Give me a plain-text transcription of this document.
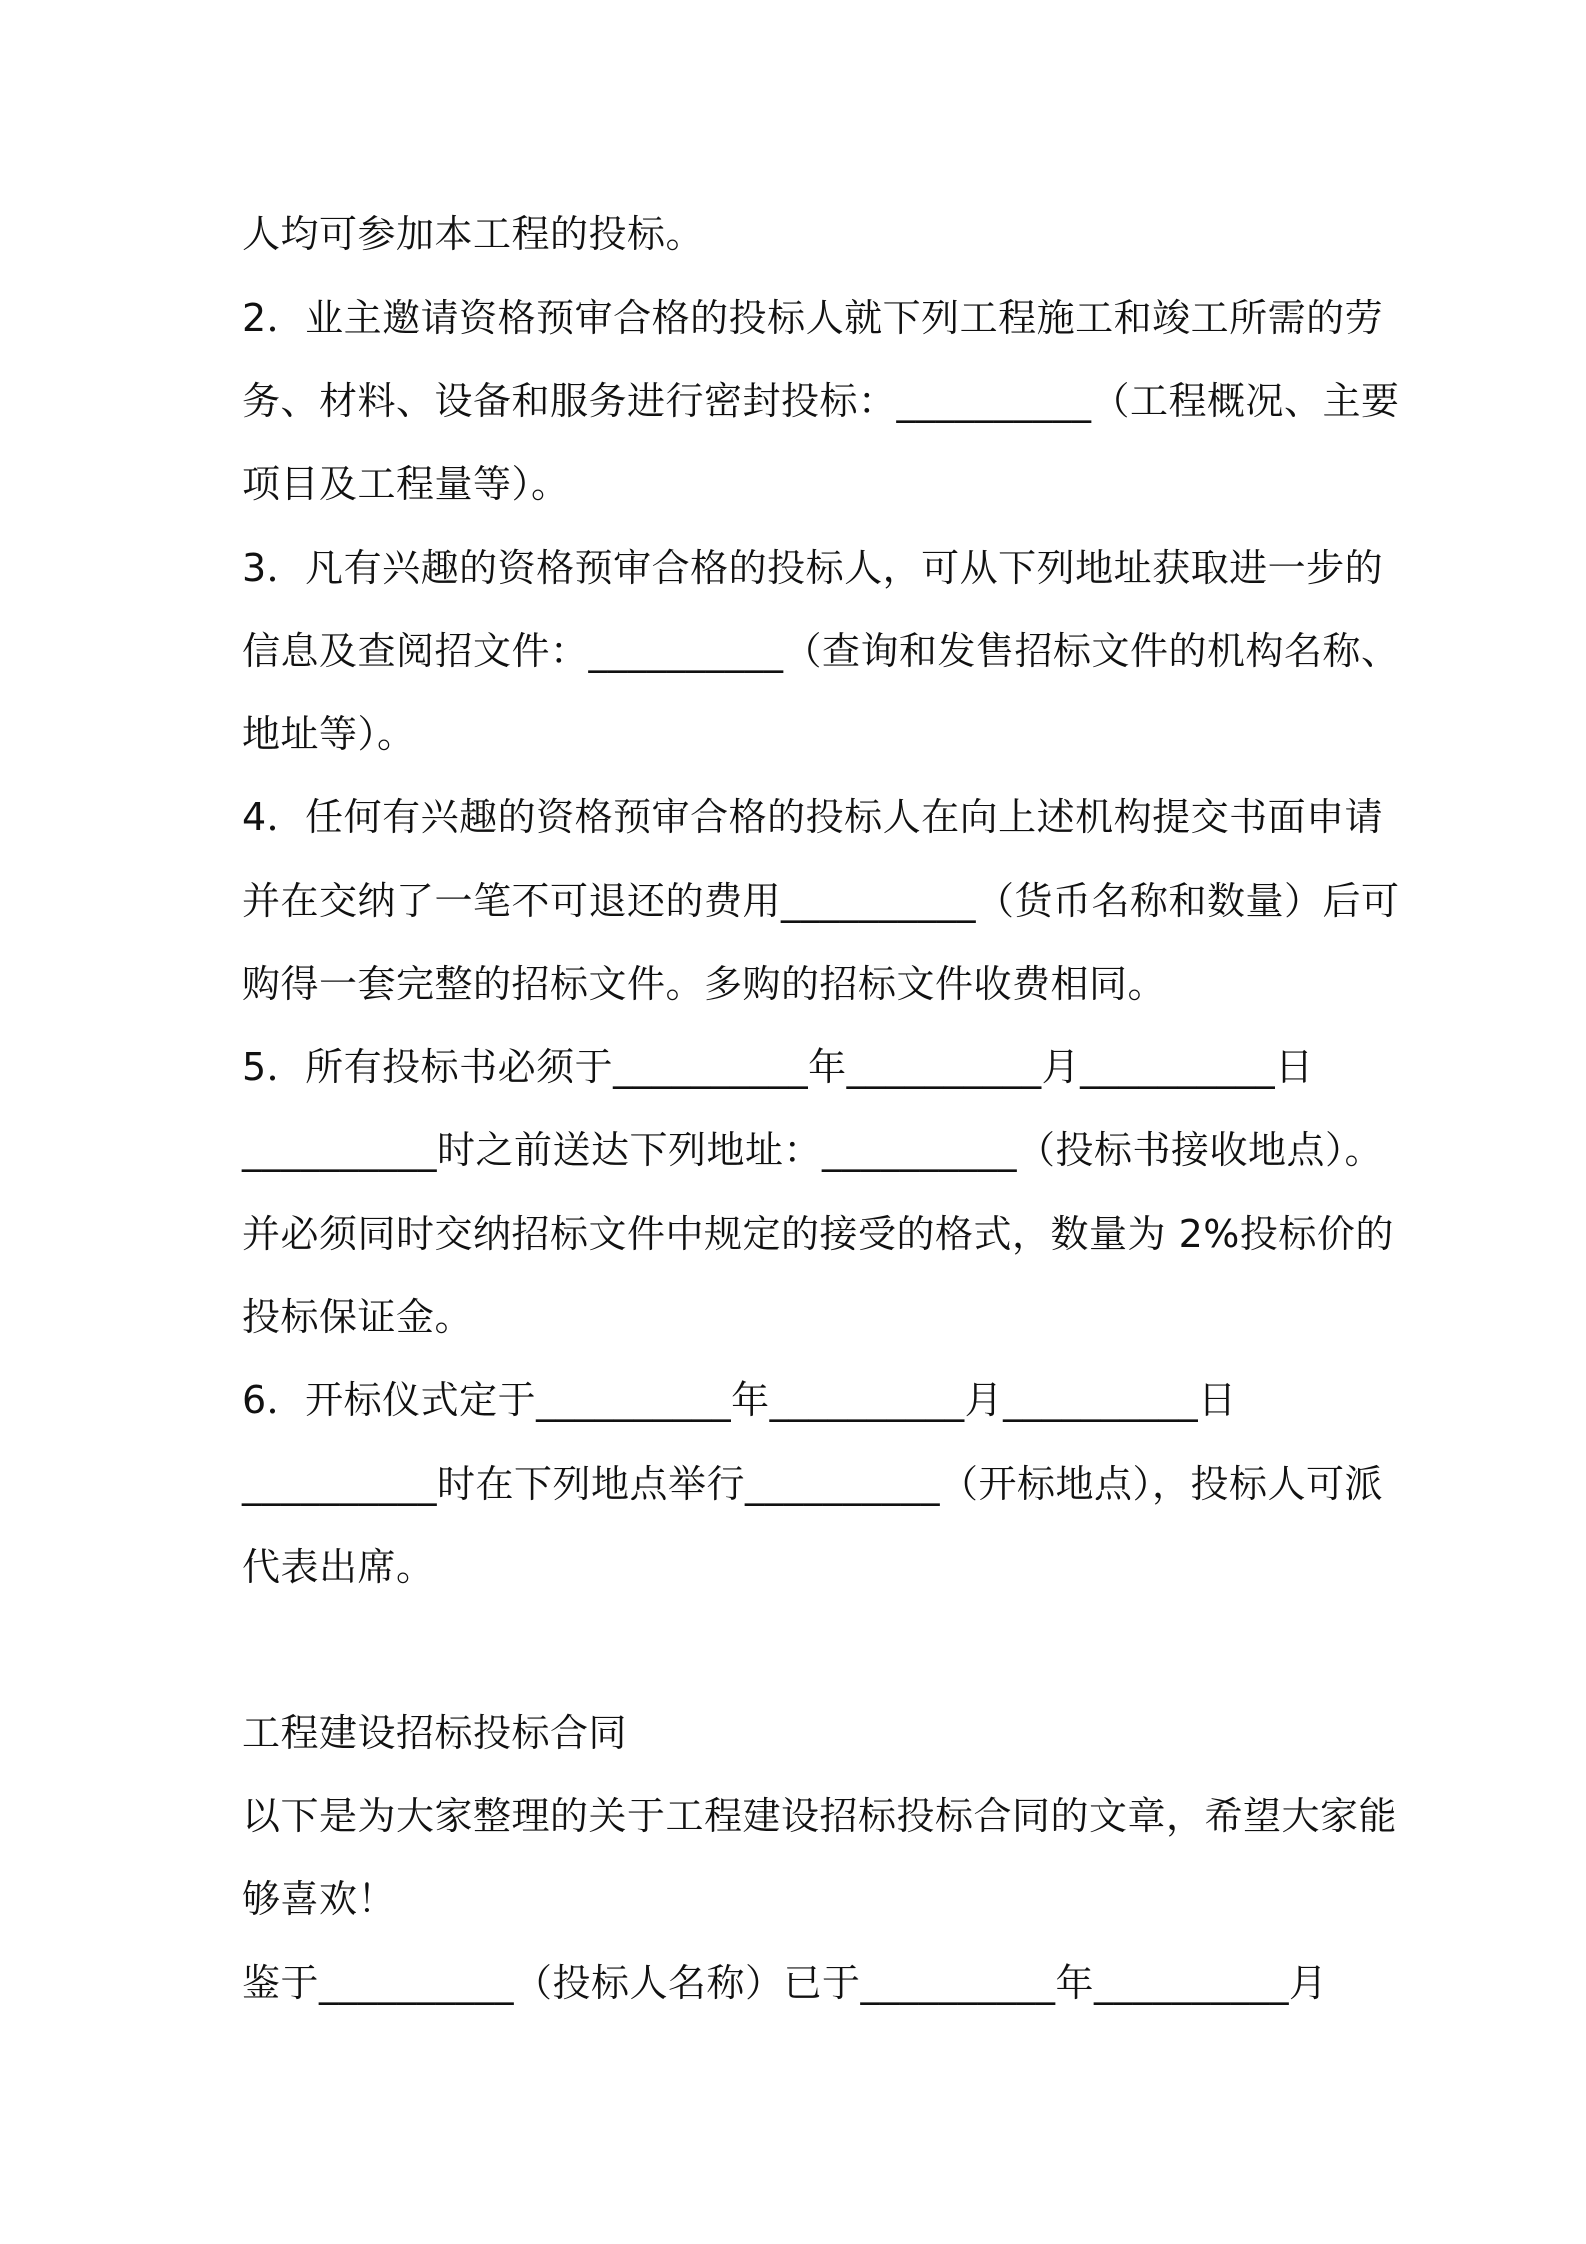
人均可参加本工程的投标。
2．业主邀请资格预审合格的投标人就下列工程施工和竣工所需的劳
务、材料、设备和服务进行密封投标：__________（工程概况、主要
项目及工程量等）。
3．凡有兴趣的资格预审合格的投标人，可从下列地址获取进一步的
信息及查阅招文件：__________（查询和发售招标文件的机构名称、
地址等）。
4．任何有兴趣的资格预审合格的投标人在向上述机构提交书面申请
并在交纳了一笔不可退还的费用__________（货币名称和数量）后可
购得一套完整的招标文件。多购的招标文件收费相同。
5．所有投标书必须于__________年__________月__________日
__________时之前送达下列地址：__________（投标书接收地点）。
并必须同时交纳招标文件中规定的接受的格式，数量为 2%投标价的
投标保证金。
6．开标仪式定于__________年__________月__________日
__________时在下列地点举行__________（开标地点），投标人可派
代表出席。
工程建设招标投标合同
以下是为大家整理的关于工程建设招标投标合同的文章，希望大家能
够喜欢！
鉴于__________（投标人名称）已于__________年__________月
